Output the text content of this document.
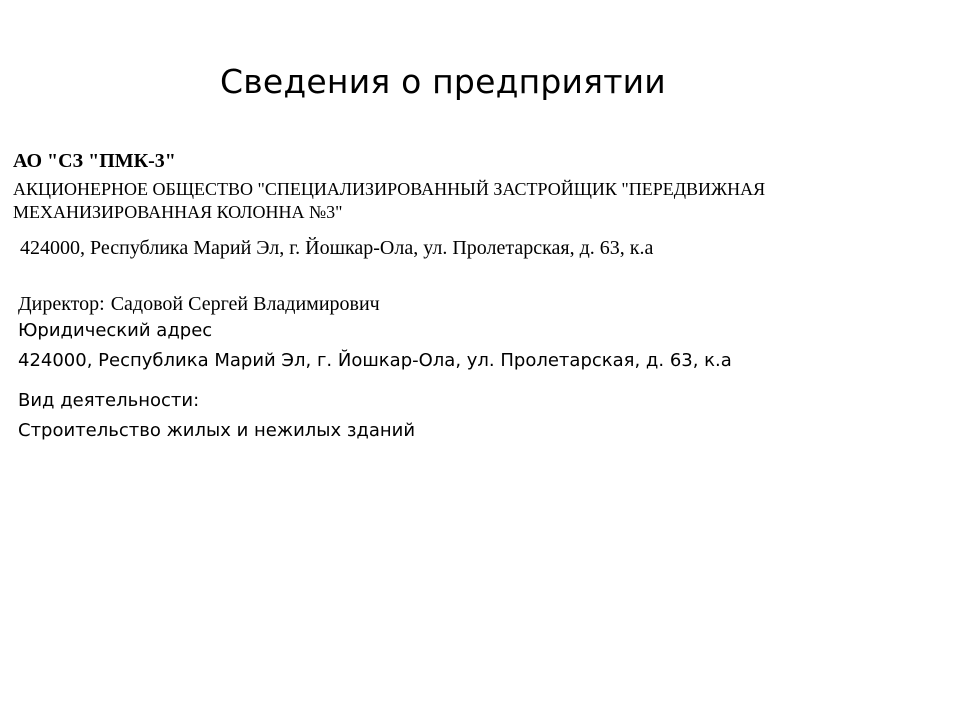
Сведения о предприятии
АО "СЗ "ПМК-3"
АКЦИОНЕРНОЕ ОБЩЕСТВО "СПЕЦИАЛИЗИРОВАННЫЙ ЗАСТРОЙЩИК "ПЕРЕДВИЖНАЯ МЕХАНИЗИРОВАННАЯ КОЛОННА №3"
424000, Республика Марий Эл, г. Йошкар-Ола, ул. Пролетарская, д. 63, к.а
Директор: Садовой Сергей Владимирович
Юридический адрес
424000, Республика Марий Эл, г. Йошкар-Ола, ул. Пролетарская, д. 63, к.а
Вид деятельности:
Строительство жилых и нежилых зданий
